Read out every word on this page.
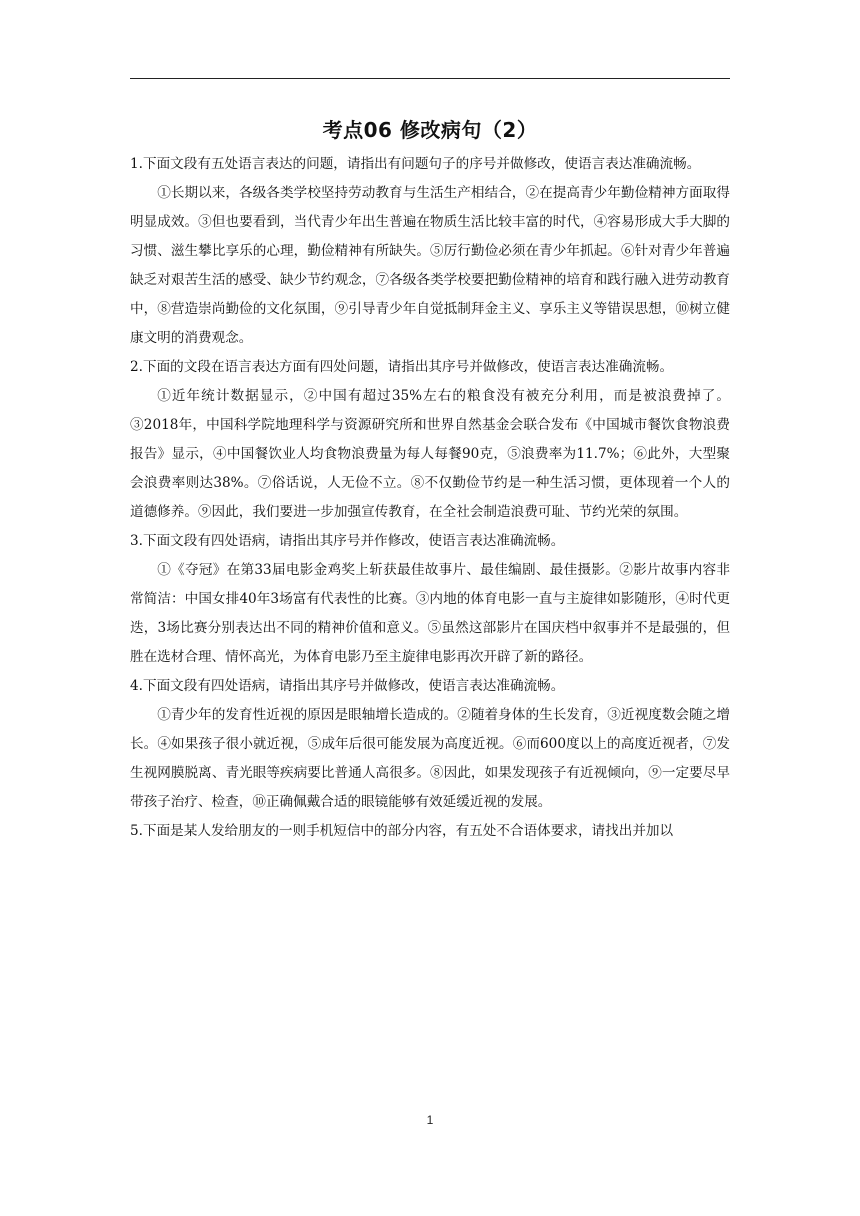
考点06 修改病句（2）

1.下面文段有五处语言表达的问题，请指出有问题句子的序号并做修改，使语言表达准确流畅。

①长期以来，各级各类学校坚持劳动教育与生活生产相结合，②在提高青少年勤俭精神方面取得明显成效。③但也要看到，当代青少年出生普遍在物质生活比较丰富的时代，④容易形成大手大脚的习惯、滋生攀比享乐的心理，勤俭精神有所缺失。⑤厉行勤俭必须在青少年抓起。⑥针对青少年普遍缺乏对艰苦生活的感受、缺少节约观念，⑦各级各类学校要把勤俭精神的培育和践行融入进劳动教育中，⑧营造崇尚勤俭的文化氛围，⑨引导青少年自觉抵制拜金主义、享乐主义等错误思想，⑩树立健康文明的消费观念。

2.下面的文段在语言表达方面有四处问题，请指出其序号并做修改，使语言表达准确流畅。

①近年统计数据显示，②中国有超过35%左右的粮食没有被充分利用，而是被浪费掉了。③2018年，中国科学院地理科学与资源研究所和世界自然基金会联合发布《中国城市餐饮食物浪费报告》显示，④中国餐饮业人均食物浪费量为每人每餐90克，⑤浪费率为11.7%；⑥此外，大型聚会浪费率则达38%。⑦俗话说，人无俭不立。⑧不仅勤俭节约是一种生活习惯，更体现着一个人的道德修养。⑨因此，我们要进一步加强宣传教育，在全社会制造浪费可耻、节约光荣的氛围。

3.下面文段有四处语病，请指出其序号并作修改，使语言表达准确流畅。

①《夺冠》在第33届电影金鸡奖上斩获最佳故事片、最佳编剧、最佳摄影。②影片故事内容非常简洁：中国女排40年3场富有代表性的比赛。③内地的体育电影一直与主旋律如影随形，④时代更迭，3场比赛分别表达出不同的精神价值和意义。⑤虽然这部影片在国庆档中叙事并不是最强的，但胜在选材合理、情怀高光，为体育电影乃至主旋律电影再次开辟了新的路径。

4.下面文段有四处语病，请指出其序号并做修改，使语言表达准确流畅。

①青少年的发育性近视的原因是眼轴增长造成的。②随着身体的生长发育，③近视度数会随之增长。④如果孩子很小就近视，⑤成年后很可能发展为高度近视。⑥而600度以上的高度近视者，⑦发生视网膜脱离、青光眼等疾病要比普通人高很多。⑧因此，如果发现孩子有近视倾向，⑨一定要尽早带孩子治疗、检查，⑩正确佩戴合适的眼镜能够有效延缓近视的发展。

5.下面是某人发给朋友的一则手机短信中的部分内容，有五处不合语体要求，请找出并加以

1
